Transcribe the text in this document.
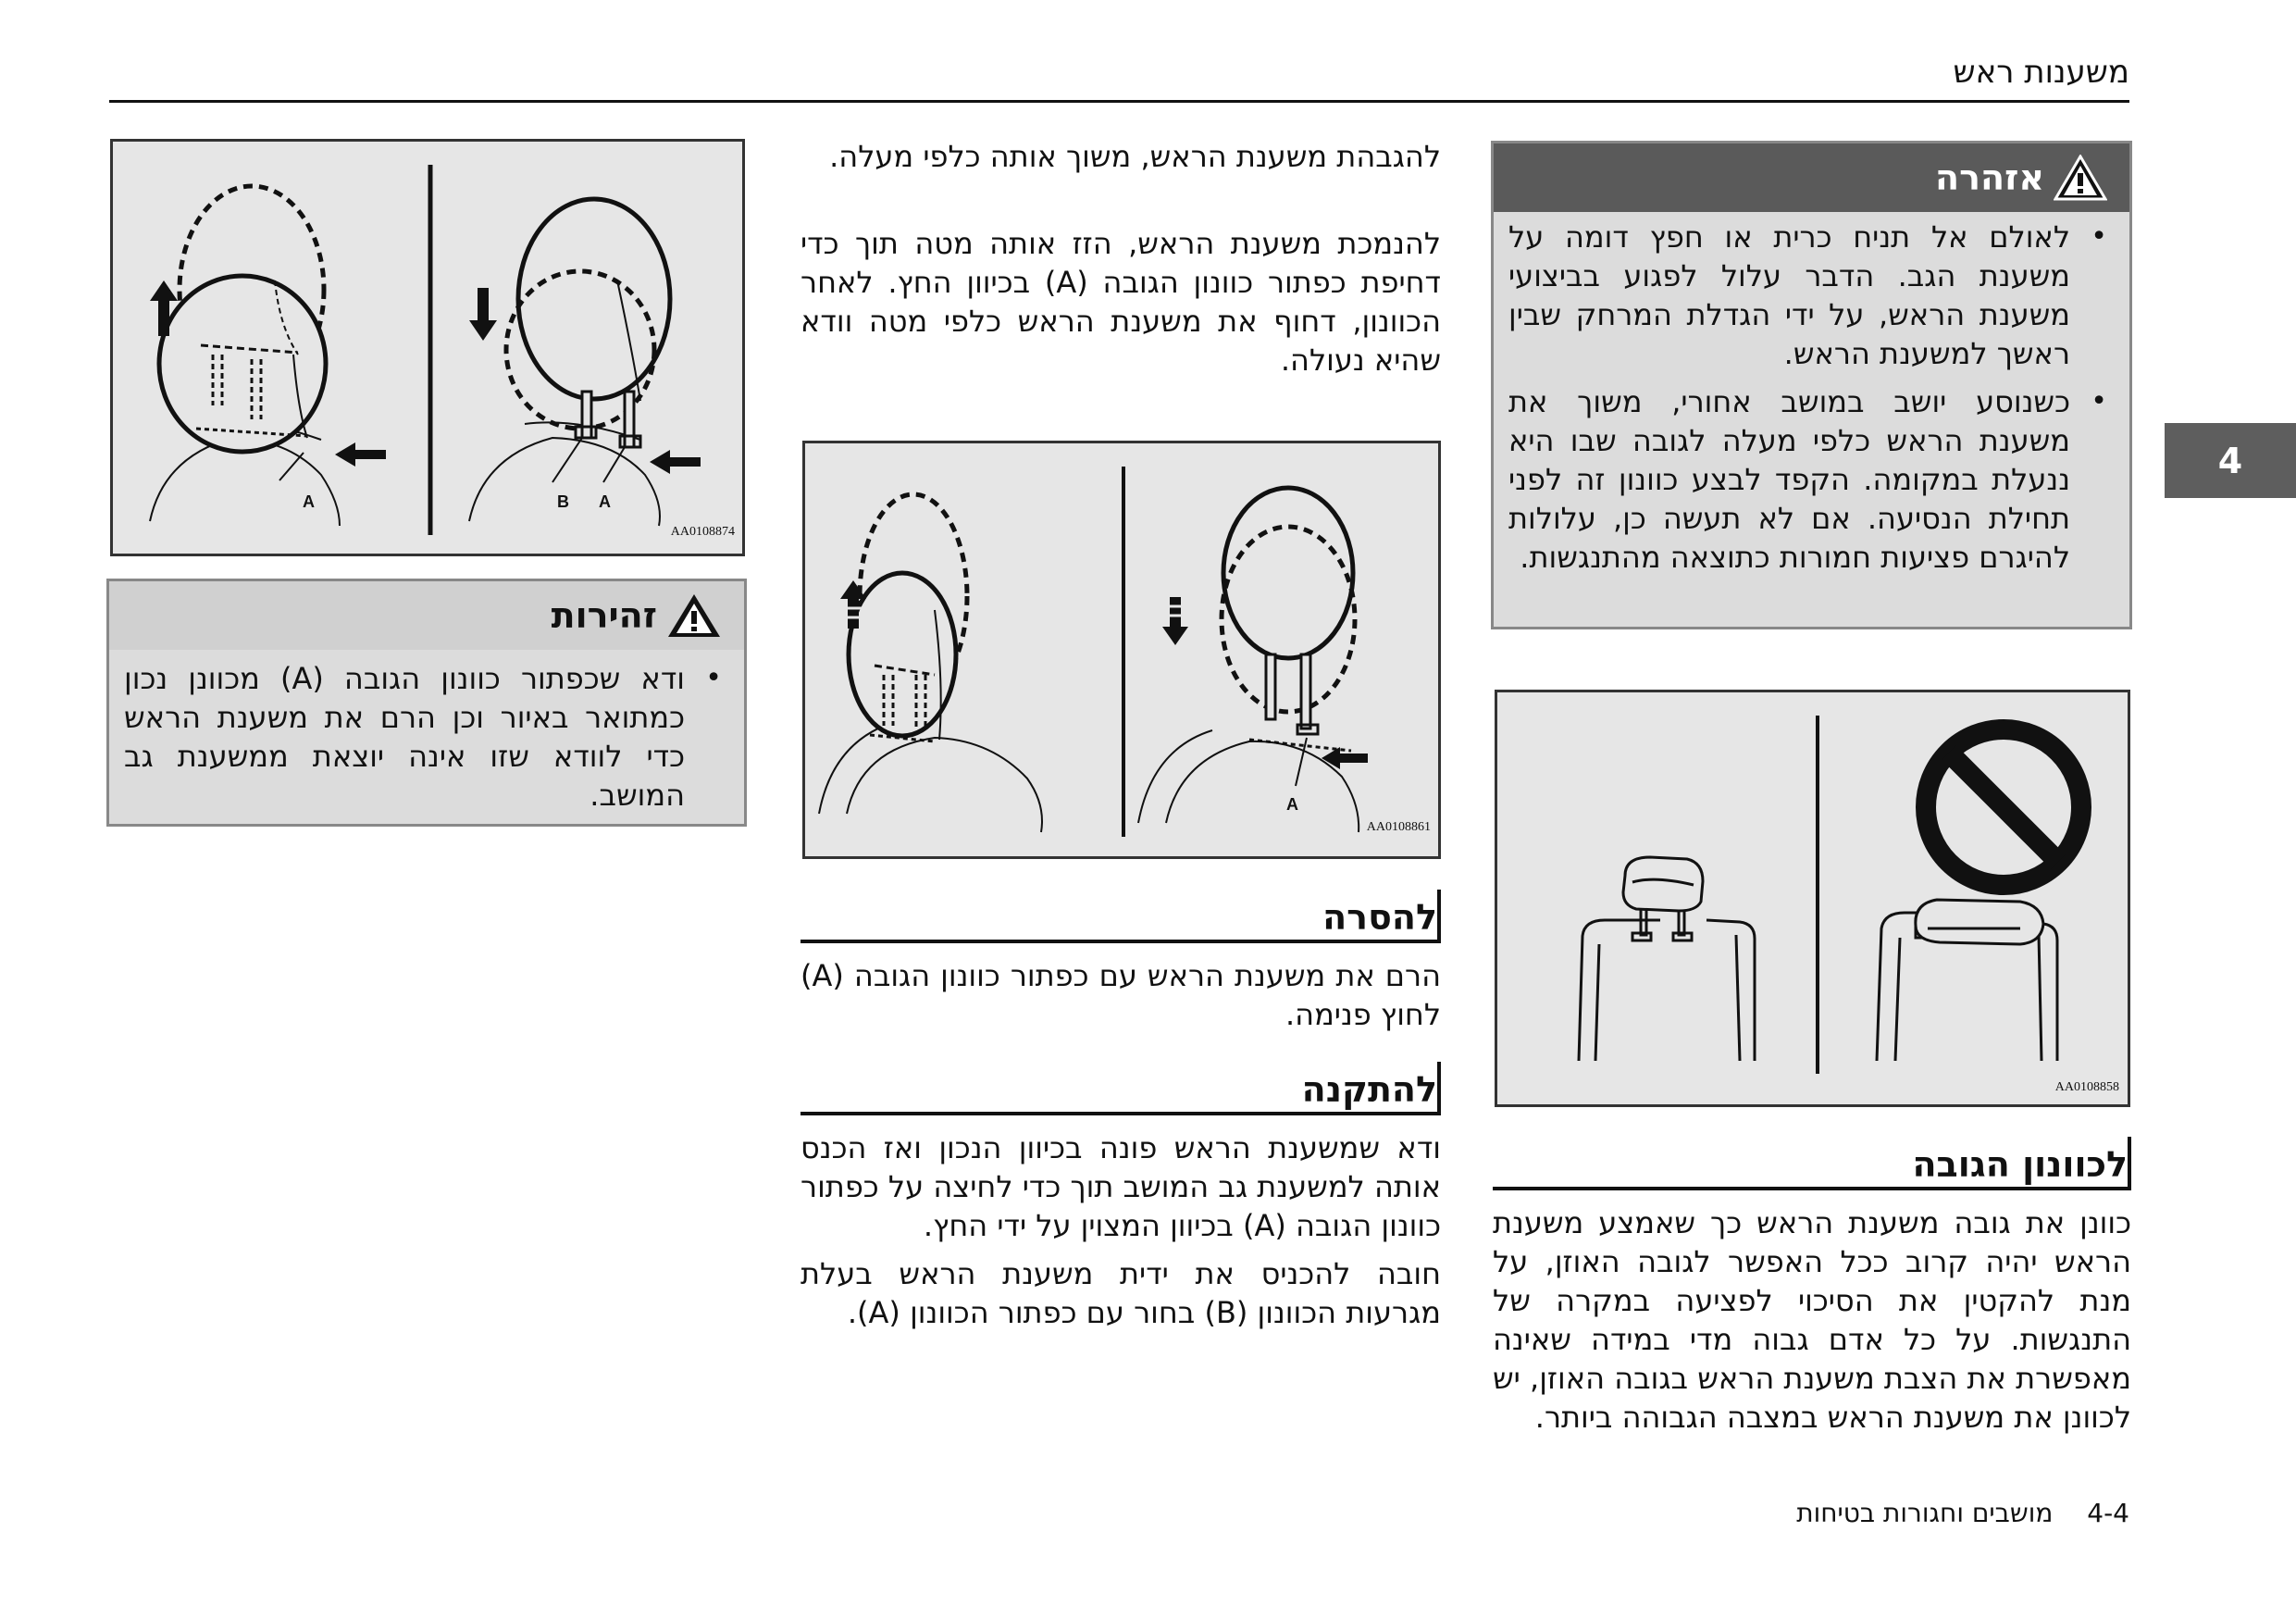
משענות ראש
4
אזהרה
• לאולם אל תניח כרית או חפץ דומה על משענת הגב. הדבר עלול לפגוע בביצועי משענת הראש, על ידי הגדלת המרחק שבין ראשך למשענת הראש.
• כשנוסע יושב במושב אחורי, משוך את משענת הראש כלפי מעלה לגובה שבו היא ננעלת במקומה. הקפד לבצע כוונון זה לפני תחילת הנסיעה. אם לא תעשה כן, עלולות להיגרם פציעות חמורות כתוצאה מהתנגשות.
AA0108858
לכוונון הגובה
כוונן את גובה משענת הראש כך שאמצע משענת הראש יהיה קרוב ככל האפשר לגובה האוזן, על מנת להקטין את הסיכוי לפציעה במקרה של התנגשות. על כל אדם גבוה מדי במידה שאינה מאפשרת את הצבת משענת הראש בגובה האוזן, יש לכוונן את משענת הראש במצבה הגבוהה ביותר.
להגבהת משענת הראש, משוך אותה כלפי מעלה.
להנמכת משענת הראש, הזז אותה מטה תוך כדי דחיפת כפתור כוונון הגובה (A) בכיוון החץ. לאחר הכוונון, דחוף את משענת הראש כלפי מטה וודא שהיא נעולה.
A
AA0108861
להסרה
הרם את משענת הראש עם כפתור כוונון הגובה (A) לחוץ פנימה.
להתקנה
ודא שמשענת הראש פונה בכיוון הנכון ואז הכנס אותה למשענת גב המושב תוך כדי לחיצה על כפתור כוונון הגובה (A) בכיוון המצוין על ידי החץ.
חובה להכניס את ידית משענת הראש בעלת מגרעות הכוונון (B) בחור עם כפתור הכוונון (A).
A	B A
AA0108874
זהירות
• ודא שכפתור כוונון הגובה (A) מכוונן נכון כמתואר באיור וכן הרם את משענת הראש כדי לוודא שזו אינה יוצאת ממשענת גב המושב.
4-4 מושבים וחגורות בטיחות
